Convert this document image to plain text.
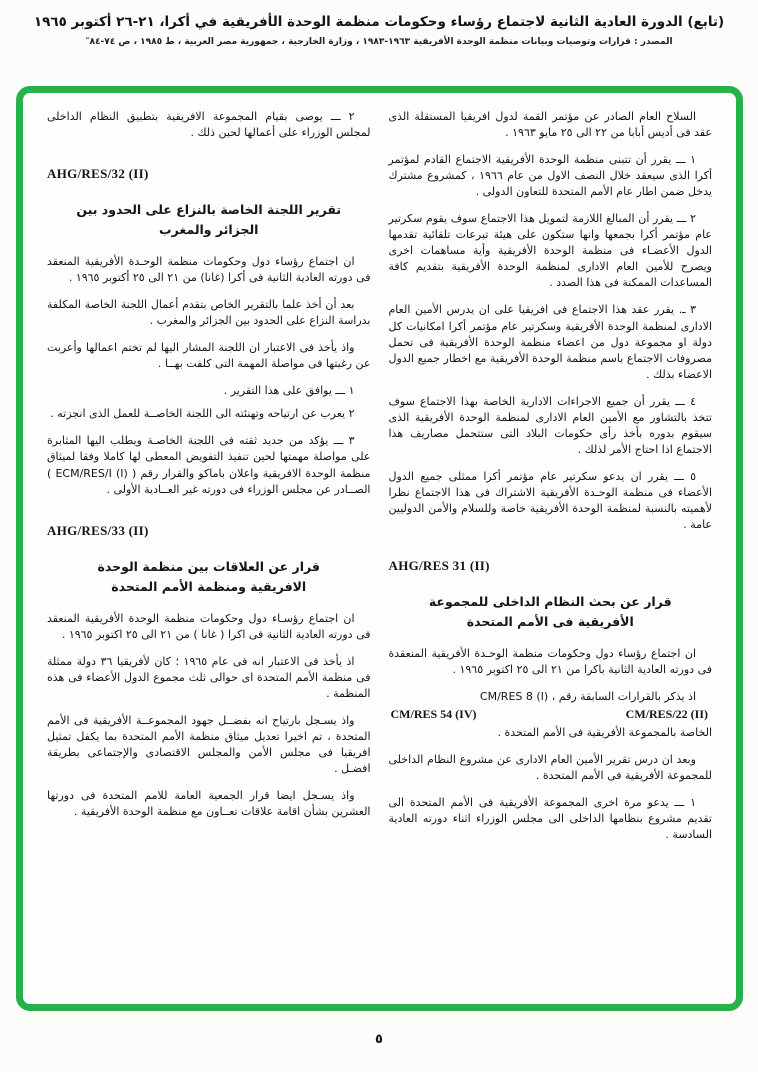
(تابع) الدورة العادية الثانية لاجتماع رؤساء وحكومات منظمة الوحدة الأفريقية في أكرا، ٢١-٢٦ أكتوبر ١٩٦٥
المصدر : قرارات وتوصيات وبيانات منظمة الوحدة الأفريقية ١٩٦٣-١٩٨٣ ، وزارة الخارجية ، جمهورية مصر العربية ، ط ١٩٨٥ ، ص ٧٤-٨٤″

السلاح العام الصادر عن مؤتمر القمة لدول افريقيا المستقلة الذى عقد فى أديس أبابا من ٢٢ الى ٢٥ مايو ١٩٦٣ .

١ ـــ يقرر أن تتبنى منظمة الوحدة الأفريقية الاجتماع القادم لمؤتمر أكرا الذى سيعقد خلال النصف الاول من عام ١٩٦٦ ، كمشروع مشترك يدخل ضمن اطار عام الأمم المتحدة للتعاون الدولى .

٢ ـــ يقرر أن المبالغ اللازمة لتمويل هذا الاجتماع سوف يقوم سكرتير عام مؤتمر أكرا بجمعها وانها ستكون على هيئة تبرعات تلقائية تقدمها الدول الأعضـاء فى منظمة الوحدة الأفريقية وأية مساهمات اخرى ويصرح للأمين العام الادارى لمنظمة الوحدة الأفريقية بتقديم كافة المساعدات الممكنة فى هذا الصدد .

٣ ـ. يقرر عقد هذا الاجتماع فى افريقيا على ان يدرس الأمين العام الادارى لمنظمة الوحدة الأفريقية وسكرتير عام مؤتمر أكرا امكانيات كل دولة او مجموعة دول من اعضاء منظمة الوحدة الأفريقية فى تحمل مصروفات الاجتماع باسم منظمة الوحدة الأفريقية مع اخطار جميع الدول الاعضاء بذلك .

٤ ـــ يقرر أن جميع الاجراءات الادارية الخاصة بهذا الاجتماع سوف تتخذ بالتشاور مع الأمين العام الادارى لمنظمة الوحدة الأفريقية الذى سيقوم بدوره بأخذ رأى حكومات البلاد التى ستتحمل مصاريف هذا الاجتماع اذا احتاج الأمر لذلك .

٥ ـــ يقرر ان يدعو سكرتير عام مؤتمر أكرا ممثلى جميع الدول الأعضاء فى منظمة الوحـدة الأفريقية الاشتراك فى هذا الاجتماع نظرا لأهميته بالنسبة لمنظمة الوحدة الأفريقية خاصة وللسلام والأمن الدوليين عامة .

AHG/RES 31 (II)
قرار عن بحث النظام الداخلى للمجموعة الأفريقية فى الأمم المتحدة

ان اجتماع رؤساء دول وحكومات منظمة الوحـدة الأفريقية المنعقدة فى دورته العادية الثانية باكرا من ٢١ الى ٢٥ اكتوبر ١٩٦٥ .

اذ يذكر بالقرارات السابقة رقم ، CM/RES 8 (I)
CM/RES 54 (IV)	CM/RES/22 (II)
الخاصة بالمجموعة الأفريقية فى الأمم المتحدة .

وبعد ان درس تقرير الأمين العام الادارى عن مشروع النظام الداخلى للمجموعة الأفريقية فى الأمم المتحدة .

١ ـــ يدعو مرة اخرى المجموعة الأفريقية فى الأمم المتحدة الى تقديم مشروع بنظامها الداخلى الى مجلس الوزراء اثناء دورته العادية السادسة .

٢ ـــ يوصى بقيام المجموعة الافريقية بتطبيق النظام الداخلى لمجلس الوزراء على أعمالها لحين ذلك .

AHG/RES/32 (II)
تقرير اللجنة الخاصة بالنزاع على الحدود بين الجزائر والمغرب

ان اجتماع رؤساء دول وحكومات منظمة الوحـدة الأفريقية المنعقد فى دورته العادية الثانية فى أكرا (غانا) من ٢١ الى ٢٥ أكتوبر ١٩٦٥ .

بعد أن أخذ علما بالتقرير الخاص بتقدم أعمال اللجنة الخاصة المكلفة بدراسة النزاع على الحدود بين الجزائر والمغرب .

واذ يأخذ فى الاعتبار ان اللجنة المشار اليها لم تختم اعمالها وأعربت عن رغبتها فى مواصلة المهمة التى كلفت بهــا .

١ ـــ يوافق على هذا التقرير .

٢ يعرب عن ارتياحه وتهنئته الى اللجنة الخاصــة للعمل الذى انجزته .

٣ ـــ يؤكد من جديد ثقته فى اللجنة الخاصـة ويطلب اليها المثابرة على مواصلة مهمتها لحين تنفيذ التفويض المعطى لها كاملا وفقا لميثاق منظمة الوحدة الافريقية واعلان باماكو والقرار رقم ( ECM/RES/I (I) ) الصــادر عن مجلس الوزراء فى دورته غير العــادية الأولى .

AHG/RES/33 (II)
قرار عن العلاقات بين منظمة الوحدة الافريقية ومنظمة الأمم المتحدة

ان اجتماع رؤسـاء دول وحكومات منظمة الوحدة الأفريقية المنعقد فى دورته العادية الثانية فى اكرا ( غانا ) من ٢١ الى ٢٥ اكتوبر ١٩٦٥ .

اذ يأخذ فى الاعتبار انه فى عام ١٩٦٥ ؛ كان لأفريقيا ٣٦ دولة ممثلة فى منظمة الأمم المتحدة اى حوالى ثلث مجموع الدول الأعضاء فى هذه المنظمة .

واذ يسـجل بارتياح انه بفضــل جهود المجموعــة الأفريقية فى الأمم المتحدة ، تم اخيرا تعديل ميثاق منظمة الأمم المتحدة بما يكفل تمثيل افريقيا فى مجلس الأمن والمجلس الاقتصادى والإجتماعى بطريقة افضـل .

واذ يسـجل ايضا قرار الجمعية العامة للامم المتحدة فى دورتها العشرين بشأن اقامة علاقات تعــاون مع منظمة الوحدة الأفريقية .

٥
